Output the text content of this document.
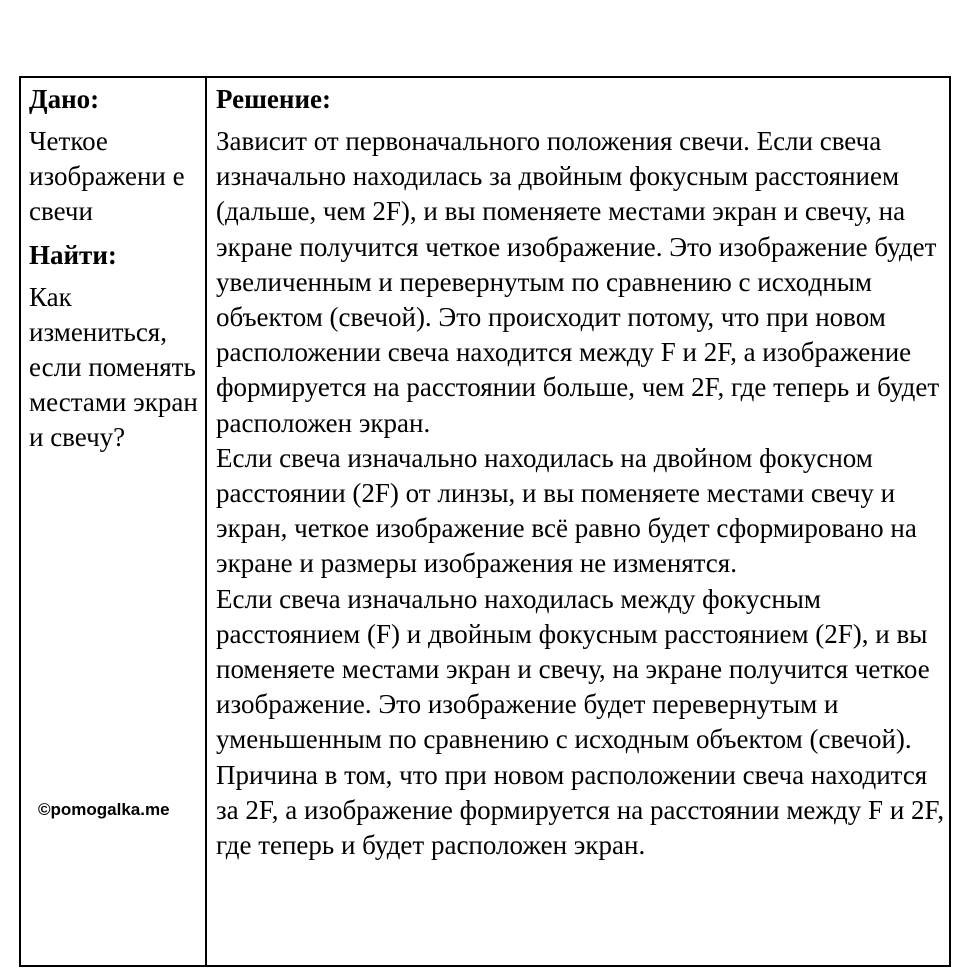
Дано:

Четкое изображени е свечи

Найти:

Как измениться, если поменять местами экран и свечу?

©pomogalka.me

Решение:

Зависит от первоначального положения свечи. Если свеча изначально находилась за двойным фокусным расстоянием (дальше, чем 2F), и вы поменяете местами экран и свечу, на экране получится четкое изображение. Это изображение будет увеличенным и перевернутым по сравнению с исходным объектом (свечой). Это происходит потому, что при новом расположении свеча находится между F и 2F, а изображение формируется на расстоянии больше, чем 2F, где теперь и будет расположен экран.

Если свеча изначально находилась на двойном фокусном расстоянии (2F) от линзы, и вы поменяете местами свечу и экран, четкое изображение всё равно будет сформировано на экране и размеры изображения не изменятся.

Если свеча изначально находилась между фокусным расстоянием (F) и двойным фокусным расстоянием (2F), и вы поменяете местами экран и свечу, на экране получится четкое изображение. Это изображение будет перевернутым и уменьшенным по сравнению с исходным объектом (свечой). Причина в том, что при новом расположении свеча находится за 2F, а изображение формируется на расстоянии между F и 2F, где теперь и будет расположен экран.
